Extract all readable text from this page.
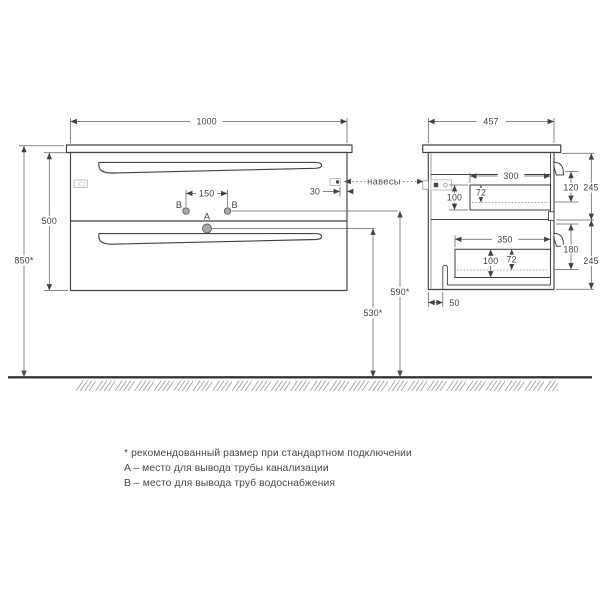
1000
850*
500
150	30
навесы
590*
530*
B	B
A
457
300
100
72
350
100 72
120
180
245
245
50

* рекомендованный размер при стандартном подключении

A – место для вывода трубы канализации

B – место для вывода труб водоснабжения
